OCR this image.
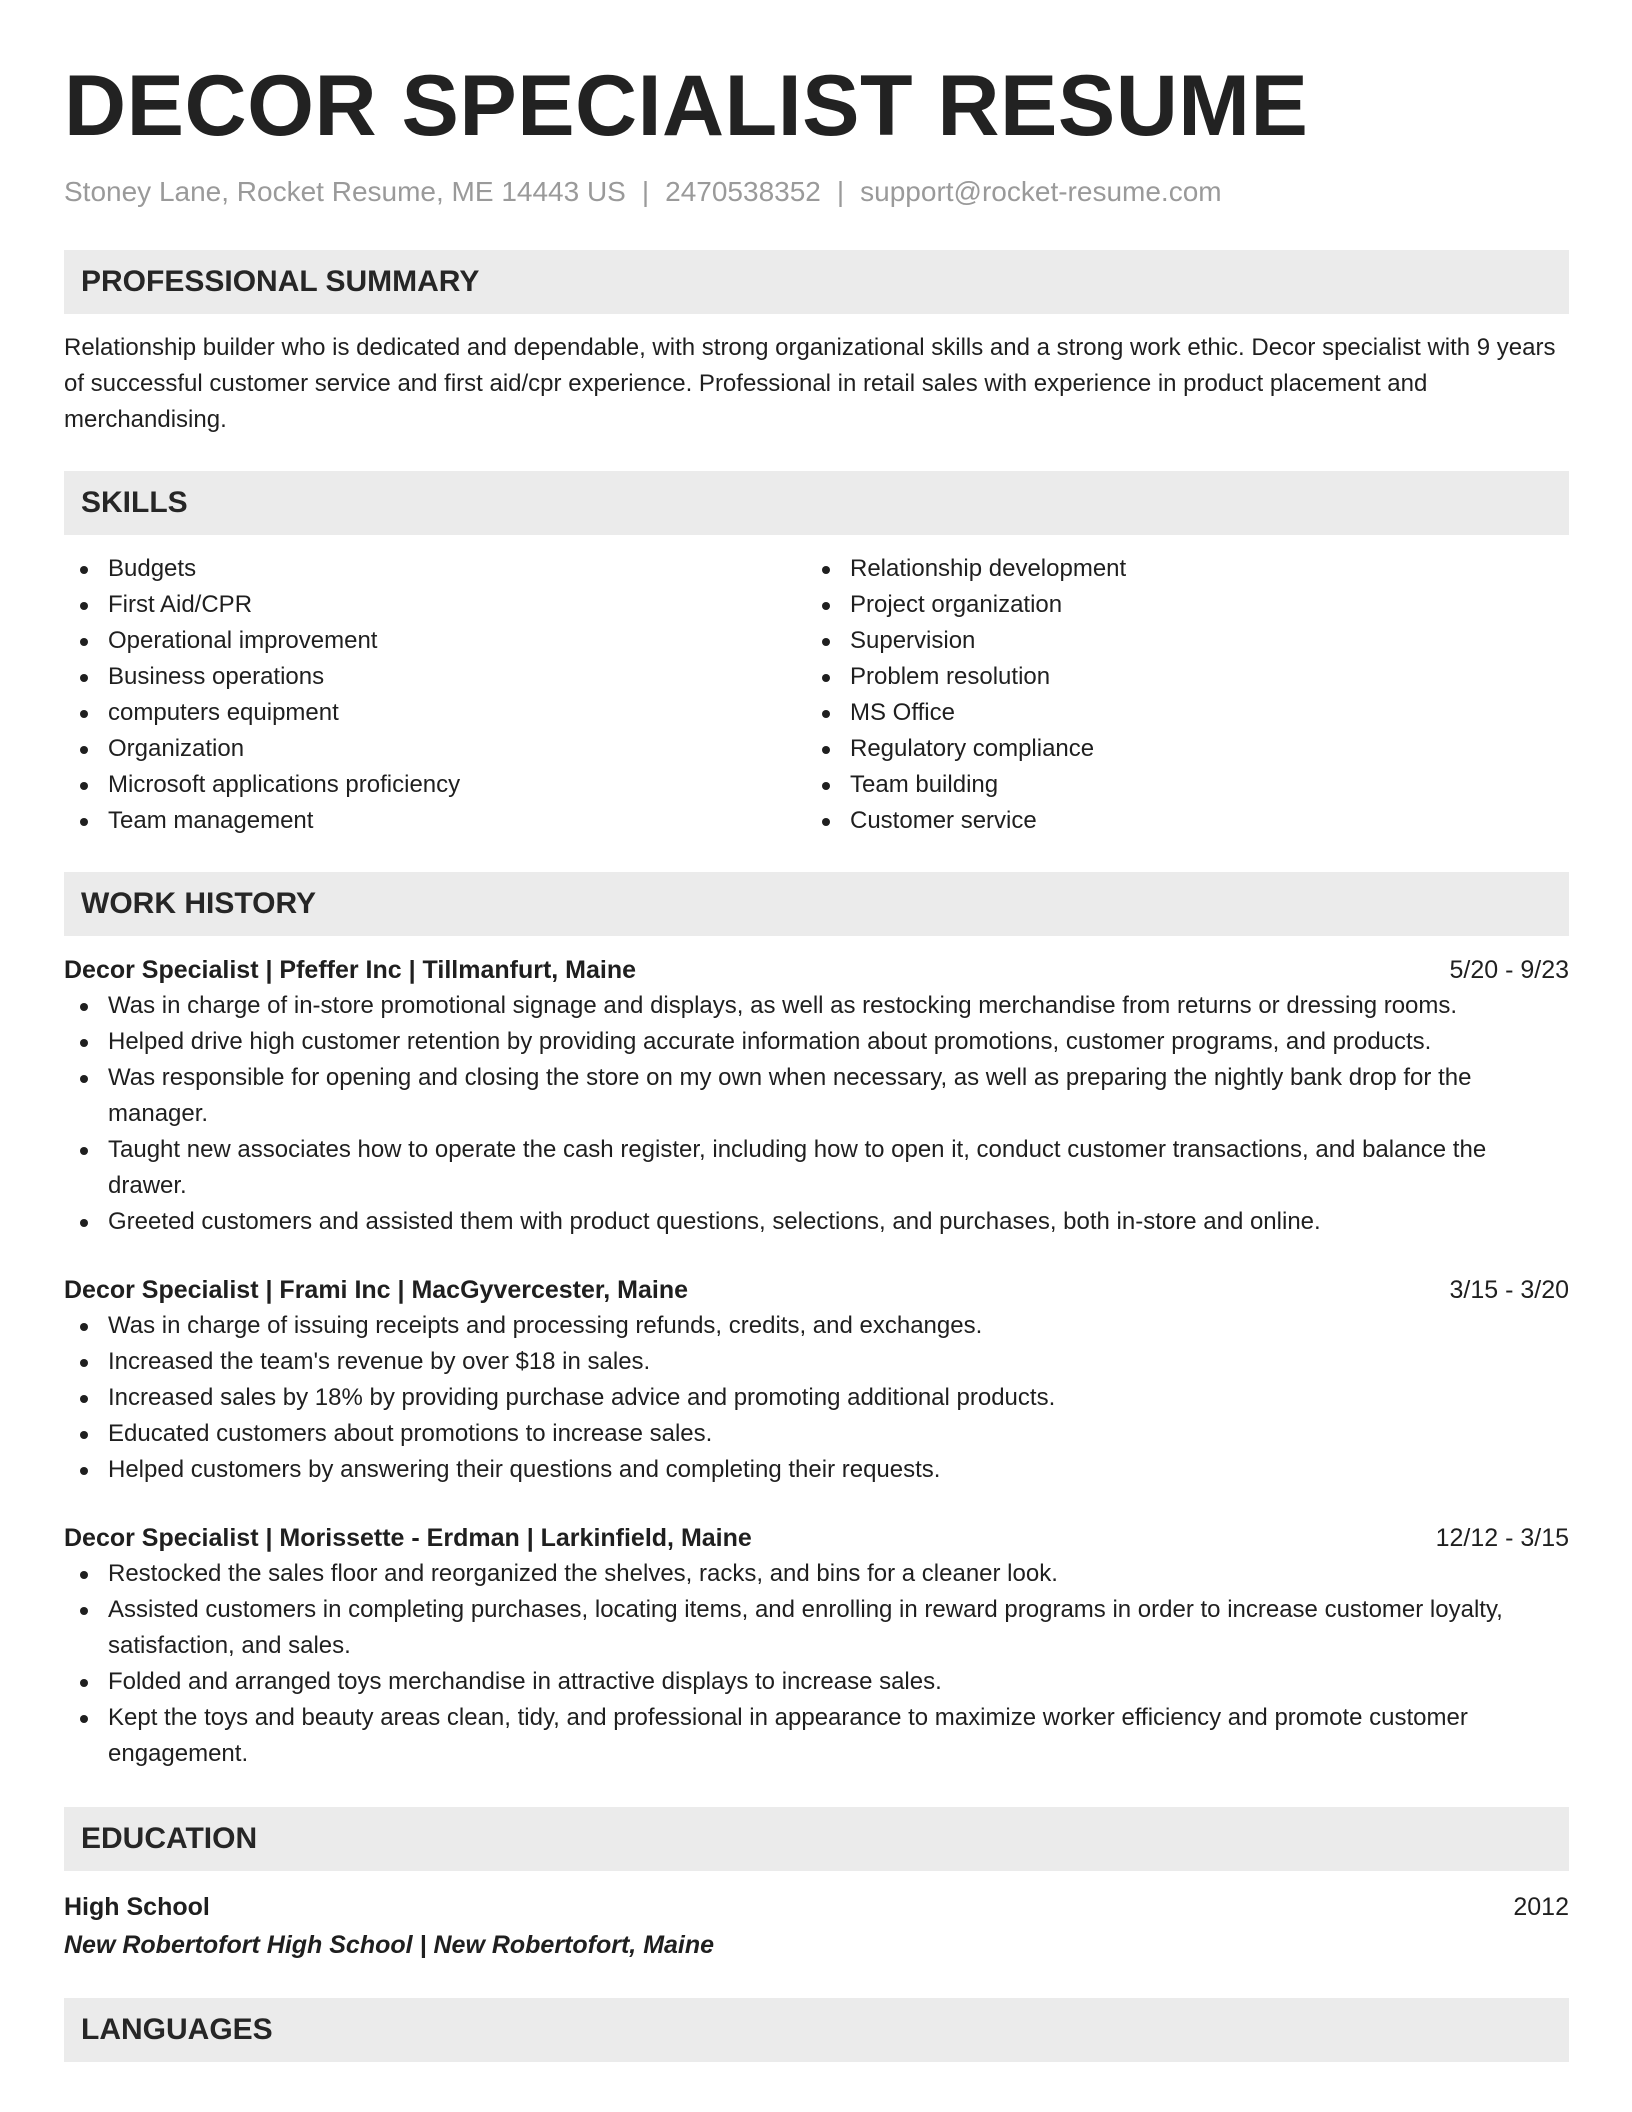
DECOR SPECIALIST RESUME
Stoney Lane, Rocket Resume, ME 14443 US | 2470538352 | support@rocket-resume.com
PROFESSIONAL SUMMARY
Relationship builder who is dedicated and dependable, with strong organizational skills and a strong work ethic. Decor specialist with 9 years of successful customer service and first aid/cpr experience. Professional in retail sales with experience in product placement and merchandising.
SKILLS
Budgets
First Aid/CPR
Operational improvement
Business operations
computers equipment
Organization
Microsoft applications proficiency
Team management
Relationship development
Project organization
Supervision
Problem resolution
MS Office
Regulatory compliance
Team building
Customer service
WORK HISTORY
Decor Specialist | Pfeffer Inc | Tillmanfurt, Maine	5/20 - 9/23
Was in charge of in-store promotional signage and displays, as well as restocking merchandise from returns or dressing rooms.
Helped drive high customer retention by providing accurate information about promotions, customer programs, and products.
Was responsible for opening and closing the store on my own when necessary, as well as preparing the nightly bank drop for the manager.
Taught new associates how to operate the cash register, including how to open it, conduct customer transactions, and balance the drawer.
Greeted customers and assisted them with product questions, selections, and purchases, both in-store and online.
Decor Specialist | Frami Inc | MacGyvercester, Maine	3/15 - 3/20
Was in charge of issuing receipts and processing refunds, credits, and exchanges.
Increased the team's revenue by over $18 in sales.
Increased sales by 18% by providing purchase advice and promoting additional products.
Educated customers about promotions to increase sales.
Helped customers by answering their questions and completing their requests.
Decor Specialist | Morissette - Erdman | Larkinfield, Maine	12/12 - 3/15
Restocked the sales floor and reorganized the shelves, racks, and bins for a cleaner look.
Assisted customers in completing purchases, locating items, and enrolling in reward programs in order to increase customer loyalty, satisfaction, and sales.
Folded and arranged toys merchandise in attractive displays to increase sales.
Kept the toys and beauty areas clean, tidy, and professional in appearance to maximize worker efficiency and promote customer engagement.
EDUCATION
High School	2012
New Robertofort High School | New Robertofort, Maine
LANGUAGES
